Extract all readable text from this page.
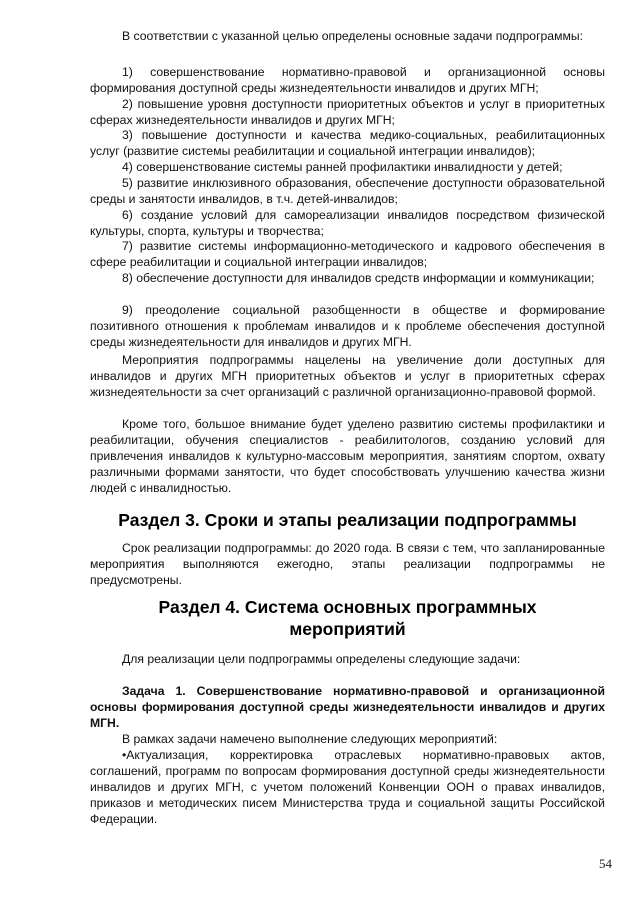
В соответствии с указанной целью определены основные задачи подпрограммы:

1) совершенствование нормативно-правовой и организационной основы формирования доступной среды жизнедеятельности инвалидов и других МГН;

2) повышение уровня доступности приоритетных объектов и услуг в приоритетных сферах жизнедеятельности инвалидов и других МГН;

3) повышение доступности и качества медико-социальных, реабилитационных услуг (развитие системы реабилитации и социальной интеграции инвалидов);

4) совершенствование системы ранней профилактики инвалидности у детей;

5) развитие инклюзивного образования, обеспечение доступности образовательной среды и занятости инвалидов, в т.ч. детей-инвалидов;

6) создание условий для самореализации инвалидов посредством физической культуры, спорта, культуры и творчества;

7) развитие системы информационно-методического и кадрового обеспечения в сфере реабилитации и социальной интеграции инвалидов;

8) обеспечение доступности для инвалидов средств информации и коммуникации;

9) преодоление социальной разобщенности в обществе и формирование позитивного отношения к проблемам инвалидов и к проблеме обеспечения доступной среды жизнедеятельности для инвалидов и других МГН.

Мероприятия подпрограммы нацелены на увеличение доли доступных для инвалидов и других МГН приоритетных объектов и услуг в приоритетных сферах жизнедеятельности за счет организаций с различной организационно-правовой формой.

Кроме того, большое внимание будет уделено развитию системы профилактики и реабилитации, обучения специалистов - реабилитологов, созданию условий для привлечения инвалидов к культурно-массовым мероприятия, занятиям спортом, охвату различными формами занятости, что будет способствовать улучшению качества жизни людей с инвалидностью.

Раздел 3. Сроки и этапы реализации подпрограммы

Срок реализации подпрограммы: до 2020 года. В связи с тем, что запланированные мероприятия выполняются ежегодно, этапы реализации подпрограммы не предусмотрены.

Раздел 4. Система основных программных
мероприятий

Для реализации цели подпрограммы определены следующие задачи:

Задача 1. Совершенствование нормативно-правовой и организационной основы формирования доступной среды жизнедеятельности инвалидов и других МГН.

В рамках задачи намечено выполнение следующих мероприятий:

•Актуализация, корректировка отраслевых нормативно-правовых актов, соглашений, программ по вопросам формирования доступной среды жизнедеятельности инвалидов и других МГН, с учетом положений Конвенции ООН о правах инвалидов, приказов и методических писем Министерства труда и социальной защиты Российской Федерации.

54
